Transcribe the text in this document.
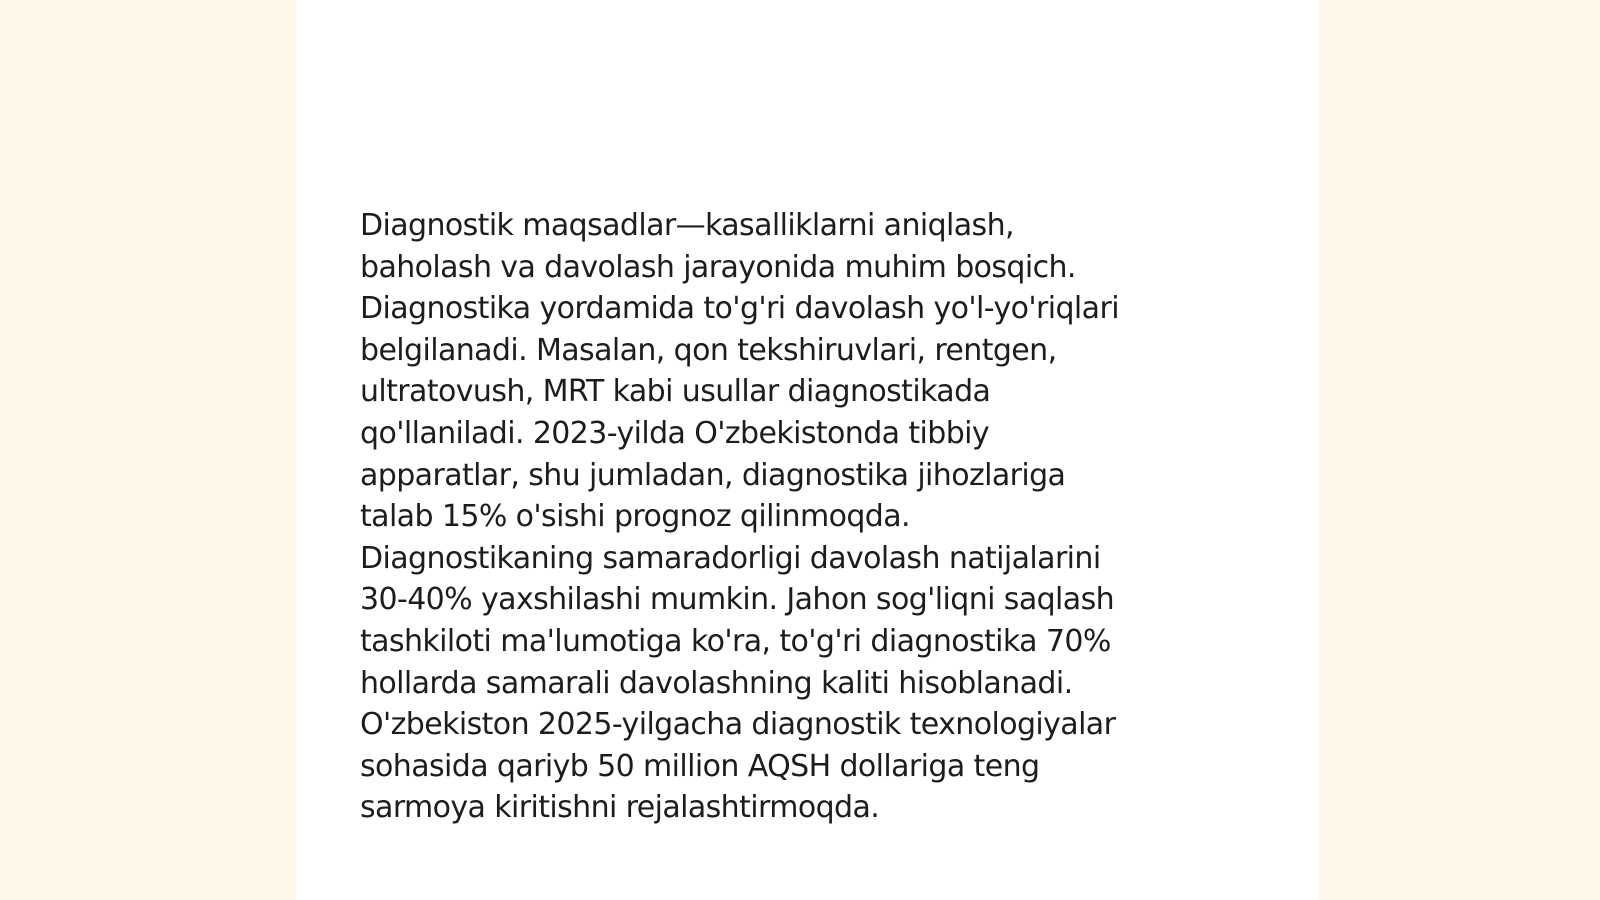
Diagnostik maqsadlar—kasalliklarni aniqlash,
baholash va davolash jarayonida muhim bosqich.
Diagnostika yordamida to'g'ri davolash yo'l-yo'riqlari
belgilanadi. Masalan, qon tekshiruvlari, rentgen,
ultratovush, MRT kabi usullar diagnostikada
qo'llaniladi. 2023-yilda O'zbekistonda tibbiy
apparatlar, shu jumladan, diagnostika jihozlariga
talab 15% o'sishi prognoz qilinmoqda.
Diagnostikaning samaradorligi davolash natijalarini
30-40% yaxshilashi mumkin. Jahon sog'liqni saqlash
tashkiloti ma'lumotiga ko'ra, to'g'ri diagnostika 70%
hollarda samarali davolashning kaliti hisoblanadi.
O'zbekiston 2025-yilgacha diagnostik texnologiyalar
sohasida qariyb 50 million AQSH dollariga teng
sarmoya kiritishni rejalashtirmoqda.
